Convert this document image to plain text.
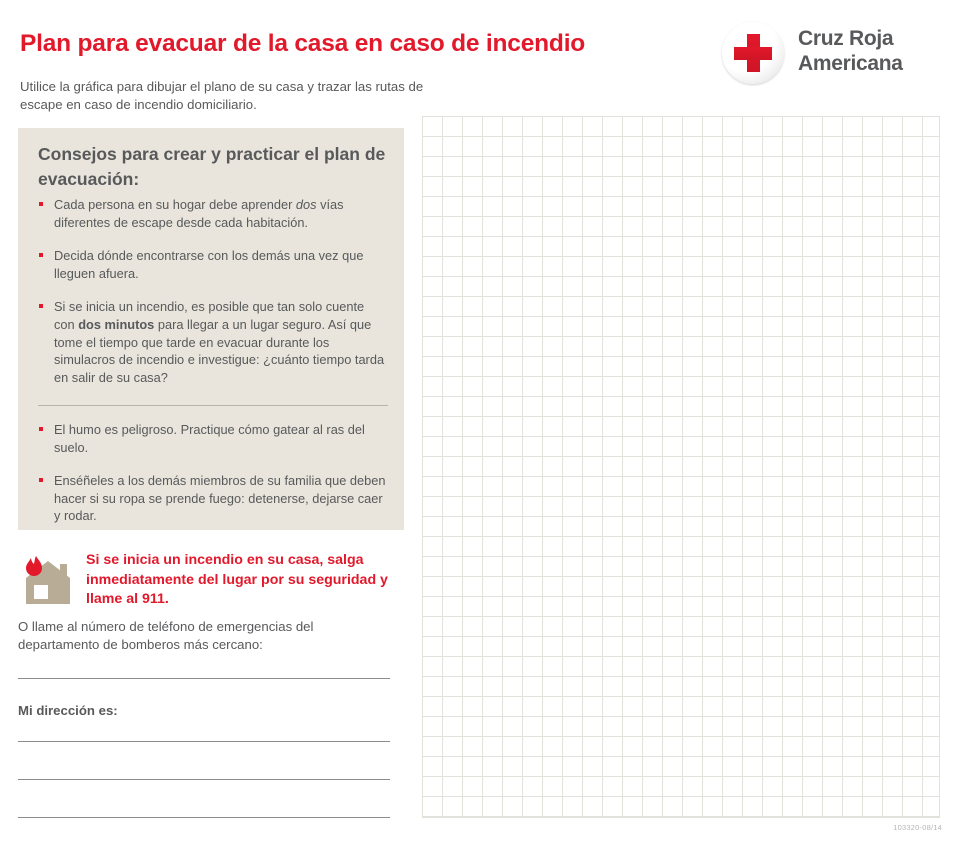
Plan para evacuar de la casa en caso de incendio
Utilice la gráfica para dibujar el plano de su casa y trazar las rutas de escape en caso de incendio domiciliario.
Cruz Roja
Americana
Consejos para crear y practicar el plan de evacuación:
Cada persona en su hogar debe aprender dos vías diferentes de escape desde cada habitación.
Decida dónde encontrarse con los demás una vez que lleguen afuera.
Si se inicia un incendio, es posible que tan solo cuente con dos minutos para llegar a un lugar seguro. Así que tome el tiempo que tarde en evacuar durante los simulacros de incendio e investigue: ¿cuánto tiempo tarda en salir de su casa?
El humo es peligroso. Practique cómo gatear al ras del suelo.
Enséñeles a los demás miembros de su familia que deben hacer si su ropa se prende fuego: detenerse, dejarse caer y rodar.
Si se inicia un incendio en su casa, salga inmediatamente del lugar por su seguridad y llame al 911.
O llame al número de teléfono de emergencias del departamento de bomberos más cercano:
Mi dirección es:
103320-08/14
